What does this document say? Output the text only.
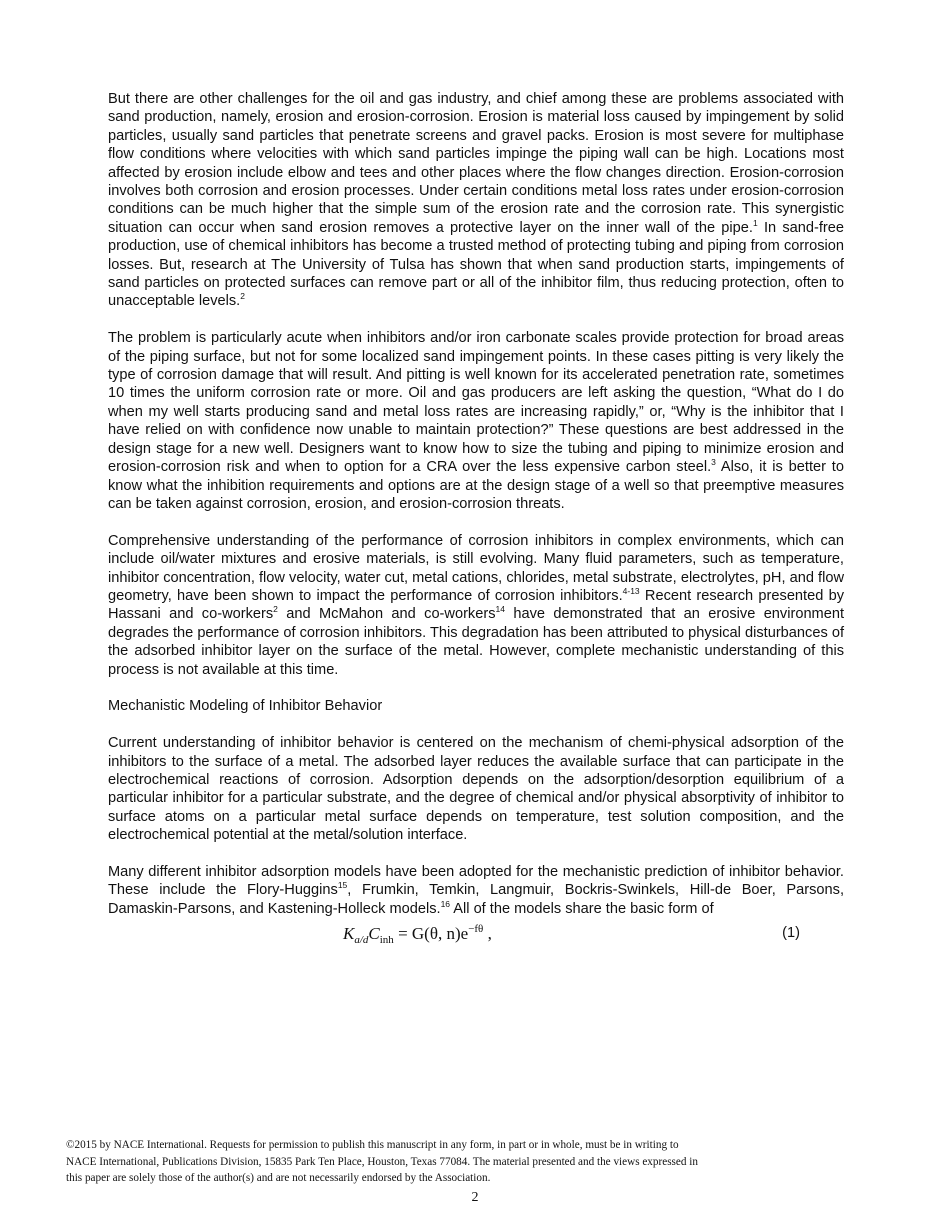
But there are other challenges for the oil and gas industry, and chief among these are problems associated with sand production, namely, erosion and erosion-corrosion. Erosion is material loss caused by impingement by solid particles, usually sand particles that penetrate screens and gravel packs. Erosion is most severe for multiphase flow conditions where velocities with which sand particles impinge the piping wall can be high. Locations most affected by erosion include elbow and tees and other places where the flow changes direction. Erosion-corrosion involves both corrosion and erosion processes. Under certain conditions metal loss rates under erosion-corrosion conditions can be much higher that the simple sum of the erosion rate and the corrosion rate. This synergistic situation can occur when sand erosion removes a protective layer on the inner wall of the pipe.$^1$ In sand-free production, use of chemical inhibitors has become a trusted method of protecting tubing and piping from corrosion losses. But, research at The University of Tulsa has shown that when sand production starts, impingements of sand particles on protected surfaces can remove part or all of the inhibitor film, thus reducing protection, often to unacceptable levels.$^2$

The problem is particularly acute when inhibitors and/or iron carbonate scales provide protection for broad areas of the piping surface, but not for some localized sand impingement points. In these cases pitting is very likely the type of corrosion damage that will result. And pitting is well known for its accelerated penetration rate, sometimes 10 times the uniform corrosion rate or more. Oil and gas producers are left asking the question, “What do I do when my well starts producing sand and metal loss rates are increasing rapidly,” or, “Why is the inhibitor that I have relied on with confidence now unable to maintain protection?” These questions are best addressed in the design stage for a new well. Designers want to know how to size the tubing and piping to minimize erosion and erosion-corrosion risk and when to option for a CRA over the less expensive carbon steel.$^3$ Also, it is better to know what the inhibition requirements and options are at the design stage of a well so that preemptive measures can be taken against corrosion, erosion, and erosion-corrosion threats.

Comprehensive understanding of the performance of corrosion inhibitors in complex environments, which can include oil/water mixtures and erosive materials, is still evolving. Many fluid parameters, such as temperature, inhibitor concentration, flow velocity, water cut, metal cations, chlorides, metal substrate, electrolytes, pH, and flow geometry, have been shown to impact the performance of corrosion inhibitors.$^{4-13}$ Recent research presented by Hassani and co-workers$^2$ and McMahon and co-workers$^{14}$ have demonstrated that an erosive environment degrades the performance of corrosion inhibitors. This degradation has been attributed to physical disturbances of the adsorbed inhibitor layer on the surface of the metal. However, complete mechanistic understanding of this process is not available at this time.

Mechanistic Modeling of Inhibitor Behavior

Current understanding of inhibitor behavior is centered on the mechanism of chemi-physical adsorption of the inhibitors to the surface of a metal. The adsorbed layer reduces the available surface that can participate in the electrochemical reactions of corrosion. Adsorption depends on the adsorption/desorption equilibrium of a particular inhibitor for a particular substrate, and the degree of chemical and/or physical absorptivity of inhibitor to surface atoms on a particular metal surface depends on temperature, test solution composition, and the electrochemical potential at the metal/solution interface.

Many different inhibitor adsorption models have been adopted for the mechanistic prediction of inhibitor behavior. These include the Flory-Huggins$^{15}$, Frumkin, Temkin, Langmuir, Bockris-Swinkels, Hill-de Boer, Parsons, Damaskin-Parsons, and Kastening-Holleck models.$^{16}$ All of the models share the basic form of

$K_{a/d}C_{inh} = G(\theta$, $n)e^{-f\theta}$ ,	(1)
©2015 by NACE International. Requests for permission to publish this manuscript in any form, in part or in whole, must be in writing to
NACE International, Publications Division, 15835 Park Ten Place, Houston, Texas 77084. The material presented and the views expressed in
this paper are solely those of the author(s) and are not necessarily endorsed by the Association.
2
